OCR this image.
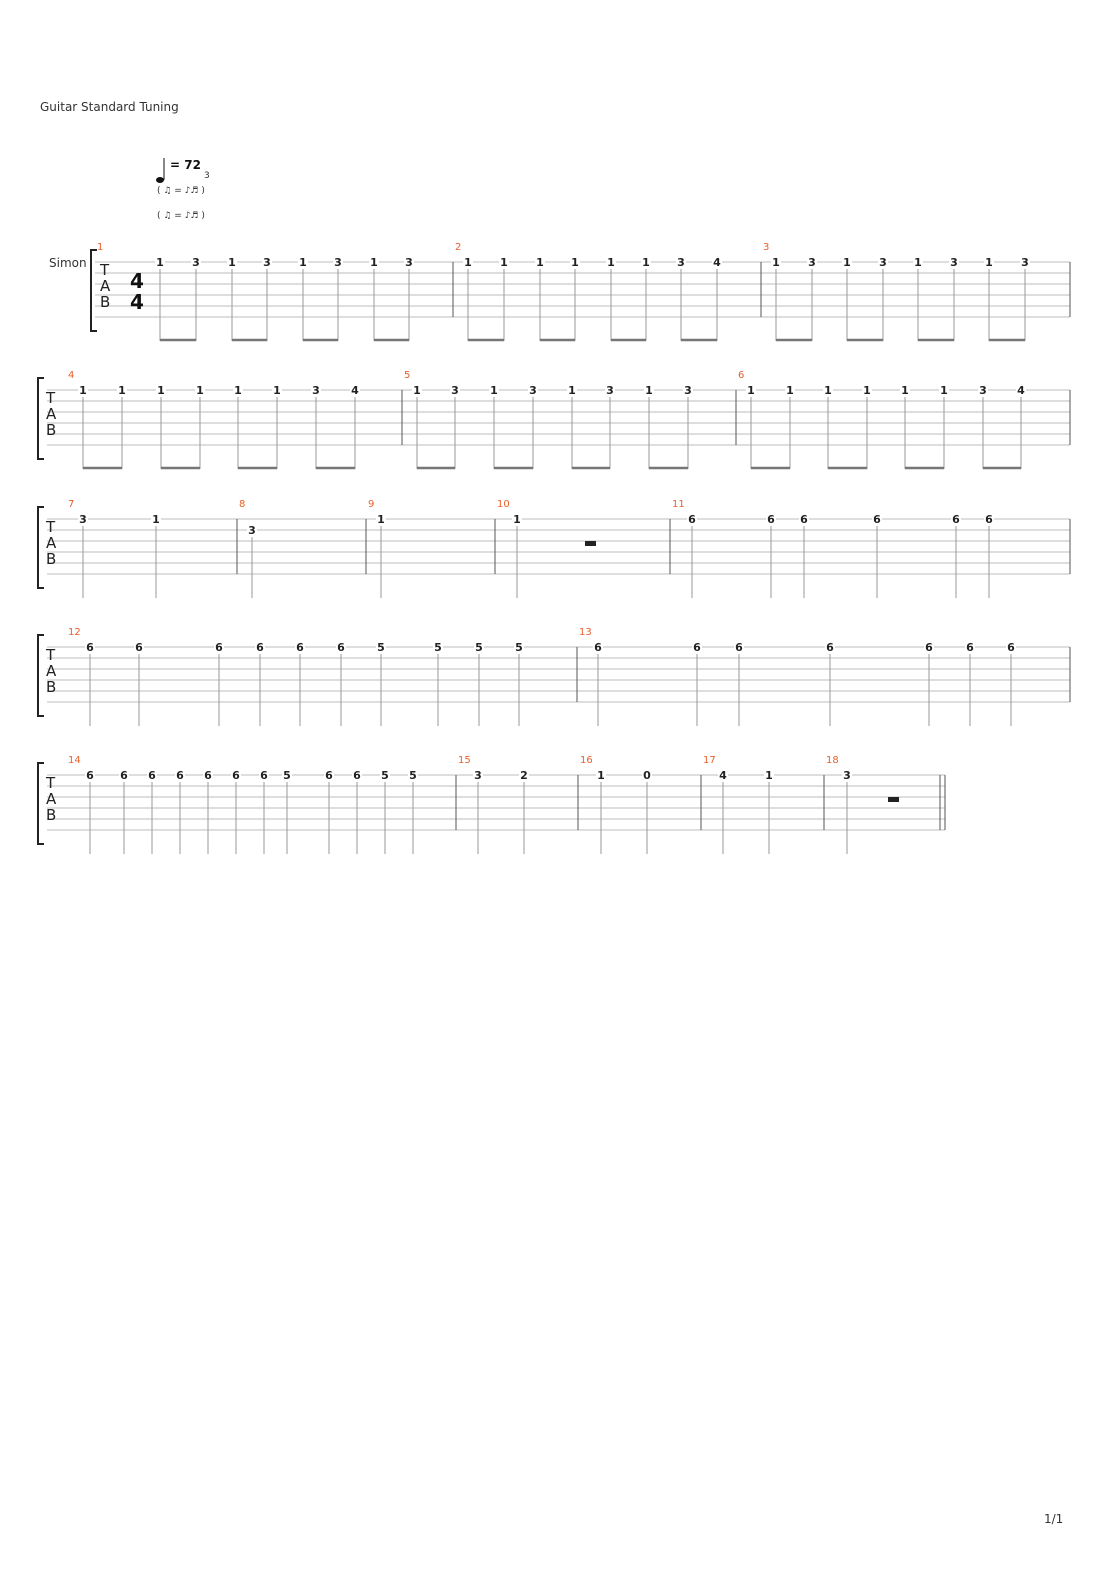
Guitar Standard Tuning
1/1
= 72
3
( ♫ = ♪♬ )
( ♫ = ♪♬ )
Simon T
A
B
4
4
1
1	3	1 3	1 3	1 3
2
1	1	1 1	1 1 3	4
3
1	3 1	3 1	3 1	3
T
A
B
4
1	1	1	1	1	1	3	4
5
1	3	1	3	1	3	1	3
6
1	1	1	1	1	1	3	4
T
A
B
7
3	1
8
3
9
1
10
1
11
6	6 6	6	6 6
T
A
B
12
6	6	6	6	6	6	5	5	5	5
13
6	6	6	6	6	6	6
T
A
B
14
6 6 6 6 6 6 6 5	6 6 5 5
15
3	2
16
1	0
17
4	1
18
3
